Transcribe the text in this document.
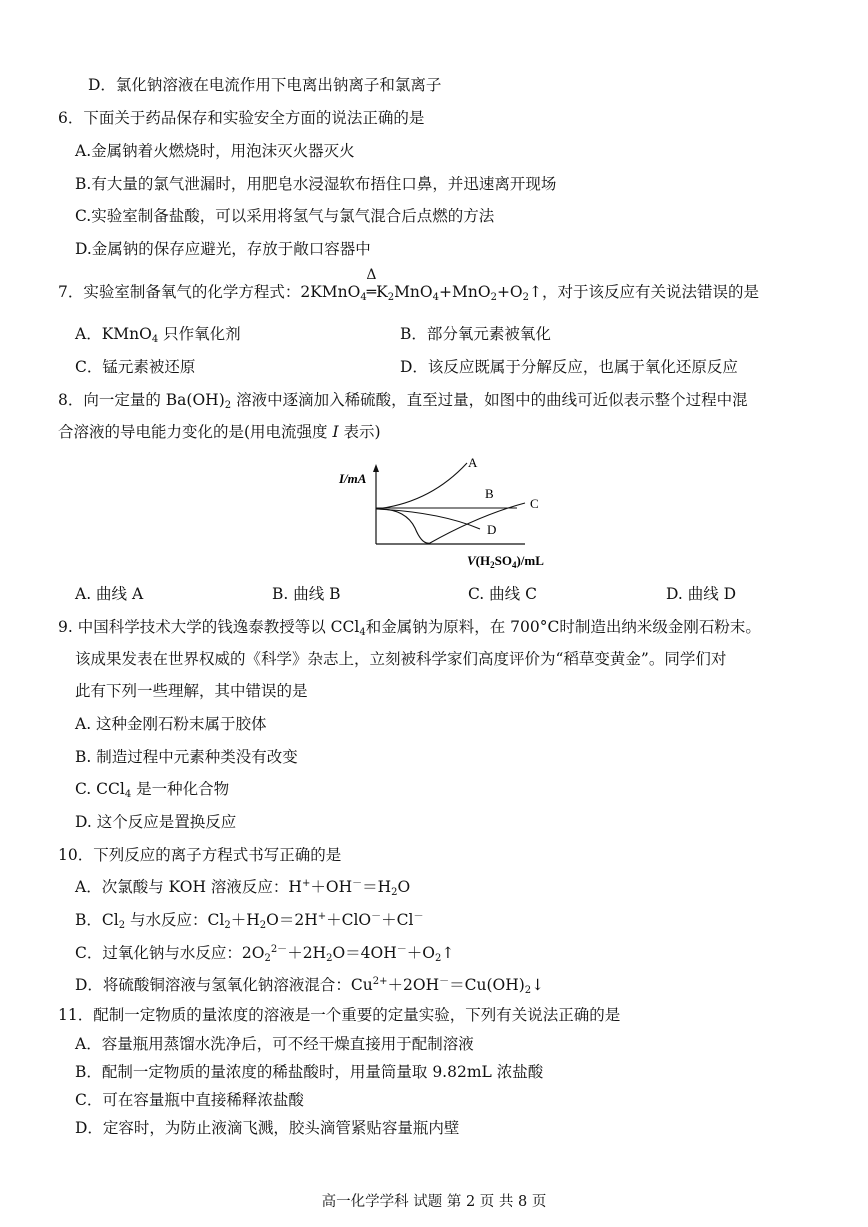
D．氯化钠溶液在电流作用下电离出钠离子和氯离子
6．下面关于药品保存和实验安全方面的说法正确的是
A.金属钠着火燃烧时，用泡沫灭火器灭火
B.有大量的氯气泄漏时，用肥皂水浸湿软布捂住口鼻，并迅速离开现场
C.实验室制备盐酸，可以采用将氢气与氯气混合后点燃的方法
D.金属钠的保存应避光，存放于敞口容器中
7．实验室制备氧气的化学方程式：2KMnO$_4$
Δ
$═K_2MnO_4+MnO_2+O_2↑$，对于该反应有关说法错误的是
A．KMnO$_4$ 只作氧化剂	B．部分氧元素被氧化
C．锰元素被还原	D．该反应既属于分解反应，也属于氧化还原反应
8．向一定量的 $Ba(OH)_2$ 溶液中逐滴加入稀硫酸，直至过量，如图中的曲线可近似表示整个过程中混
合溶液的导电能力变化的是(用电流强度 I 表示)
I/mA
$V(H_2SO_4)/mL$
A
B
C
D
A. 曲线 A	B. 曲线 B	C. 曲线 C	D. 曲线 D
9. 中国科学技术大学的钱逸泰教授等以 CCl$_4$和金属钠为原料，在 700°C时制造出纳米级金刚石粉末。
该成果发表在世界权威的《科学》杂志上，立刻被科学家们高度评价为“稻草变黄金”。同学们对
此有下列一些理解，其中错误的是
A. 这种金刚石粉末属于胶体
B. 制造过程中元素种类没有改变
C. CCl$_4$ 是一种化合物
D. 这个反应是置换反应
10．下列反应的离子方程式书写正确的是
A．次氯酸与 KOH 溶液反应：$H^++OH^-=H_2O$
B．$Cl_2$ 与水反应：$Cl_2+H_2O=2H^++ClO^-+Cl^-$
C．过氧化钠与水反应：$2O_2^{2-}+2H_2O=4OH^-+O_2↑$
D．将硫酸铜溶液与氢氧化钠溶液混合：$Cu^{2+}+2OH^-=Cu(OH)_2↓$
11．配制一定物质的量浓度的溶液是一个重要的定量实验，下列有关说法正确的是
A．容量瓶用蒸馏水洗净后，可不经干燥直接用于配制溶液
B．配制一定物质的量浓度的稀盐酸时，用量筒量取 9.82mL 浓盐酸
C．可在容量瓶中直接稀释浓盐酸
D．定容时，为防止液滴飞溅，胶头滴管紧贴容量瓶内壁
高一化学学科 试题 第 2 页 共 8 页
